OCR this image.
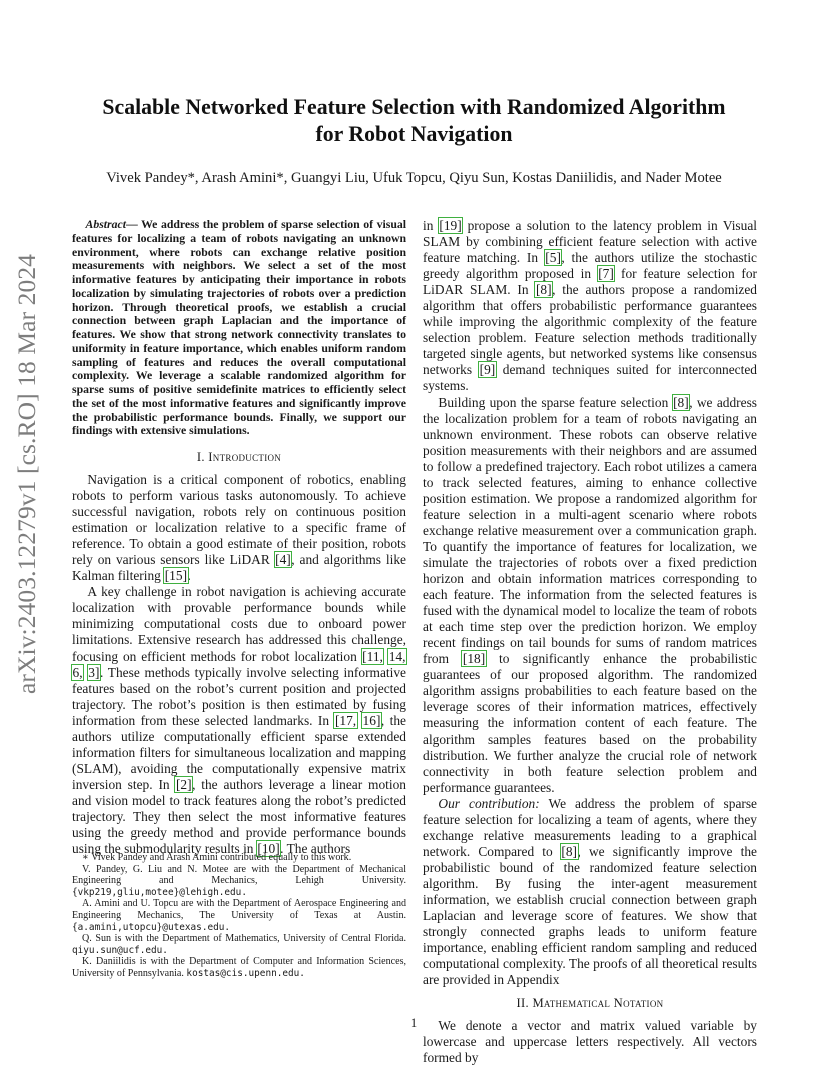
arXiv:2403.12279v1 [cs.RO] 18 Mar 2024
Scalable Networked Feature Selection with Randomized Algorithm
for Robot Navigation
Vivek Pandey*, Arash Amini*, Guangyi Liu, Ufuk Topcu, Qiyu Sun, Kostas Daniilidis, and Nader Motee

Abstract— We address the problem of sparse selection of visual features for localizing a team of robots navigating an unknown environment, where robots can exchange relative position measurements with neighbors. We select a set of the most informative features by anticipating their importance in robots localization by simulating trajectories of robots over a prediction horizon. Through theoretical proofs, we establish a crucial connection between graph Laplacian and the importance of features. We show that strong network connectivity translates to uniformity in feature importance, which enables uniform random sampling of features and reduces the overall computational complexity. We leverage a scalable randomized algorithm for sparse sums of positive semidefinite matrices to efficiently select the set of the most informative features and significantly improve the probabilistic performance bounds. Finally, we support our findings with extensive simulations.

I. Introduction

Navigation is a critical component of robotics, enabling robots to perform various tasks autonomously. To achieve successful navigation, robots rely on continuous position estimation or localization relative to a specific frame of reference. To obtain a good estimate of their position, robots rely on various sensors like LiDAR [4], and algorithms like Kalman filtering [15].

A key challenge in robot navigation is achieving accurate localization with provable performance bounds while minimizing computational costs due to onboard power limitations. Extensive research has addressed this challenge, focusing on efficient methods for robot localization [11, 14, 6, 3]. These methods typically involve selecting informative features based on the robot’s current position and projected trajectory. The robot’s position is then estimated by fusing information from these selected landmarks. In [17, 16], the authors utilize computationally efficient sparse extended information filters for simultaneous localization and mapping (SLAM), avoiding the computationally expensive matrix inversion step. In [2], the authors leverage a linear motion and vision model to track features along the robot’s predicted trajectory. They then select the most informative features using the greedy method and provide performance bounds using the submodularity results in [10]. The authors

∗ Vivek Pandey and Arash Amini contributed equally to this work.

V. Pandey, G. Liu and N. Motee are with the Department of Mechanical Engineering and Mechanics, Lehigh University. {vkp219,gliu,motee}@lehigh.edu.

A. Amini and U. Topcu are with the Department of Aerospace Engineering and Engineering Mechanics, The University of Texas at Austin. {a.amini,utopcu}@utexas.edu.

Q. Sun is with the Department of Mathematics, University of Central Florida. qiyu.sun@ucf.edu.

K. Daniilidis is with the Department of Computer and Information Sciences, University of Pennsylvania. kostas@cis.upenn.edu.

in [19] propose a solution to the latency problem in Visual SLAM by combining efficient feature selection with active feature matching. In [5], the authors utilize the stochastic greedy algorithm proposed in [7] for feature selection for LiDAR SLAM. In [8], the authors propose a randomized algorithm that offers probabilistic performance guarantees while improving the algorithmic complexity of the feature selection problem. Feature selection methods traditionally targeted single agents, but networked systems like consensus networks [9] demand techniques suited for interconnected systems.

Building upon the sparse feature selection [8], we address the localization problem for a team of robots navigating an unknown environment. These robots can observe relative position measurements with their neighbors and are assumed to follow a predefined trajectory. Each robot utilizes a camera to track selected features, aiming to enhance collective position estimation. We propose a randomized algorithm for feature selection in a multi-agent scenario where robots exchange relative measurement over a communication graph. To quantify the importance of features for localization, we simulate the trajectories of robots over a fixed prediction horizon and obtain information matrices corresponding to each feature. The information from the selected features is fused with the dynamical model to localize the team of robots at each time step over the prediction horizon. We employ recent findings on tail bounds for sums of random matrices from [18] to significantly enhance the probabilistic guarantees of our proposed algorithm. The randomized algorithm assigns probabilities to each feature based on the leverage scores of their information matrices, effectively measuring the information content of each feature. The algorithm samples features based on the probability distribution. We further analyze the crucial role of network connectivity in both feature selection problem and performance guarantees.

Our contribution: We address the problem of sparse feature selection for localizing a team of agents, where they exchange relative measurements leading to a graphical network. Compared to [8], we significantly improve the probabilistic bound of the randomized feature selection algorithm. By fusing the inter-agent measurement information, we establish crucial connection between graph Laplacian and leverage score of features. We show that strongly connected graphs leads to uniform feature importance, enabling efficient random sampling and reduced computational complexity. The proofs of all theoretical results are provided in Appendix

II. Mathematical Notation

We denote a vector and matrix valued variable by lowercase and uppercase letters respectively. All vectors formed by

1
